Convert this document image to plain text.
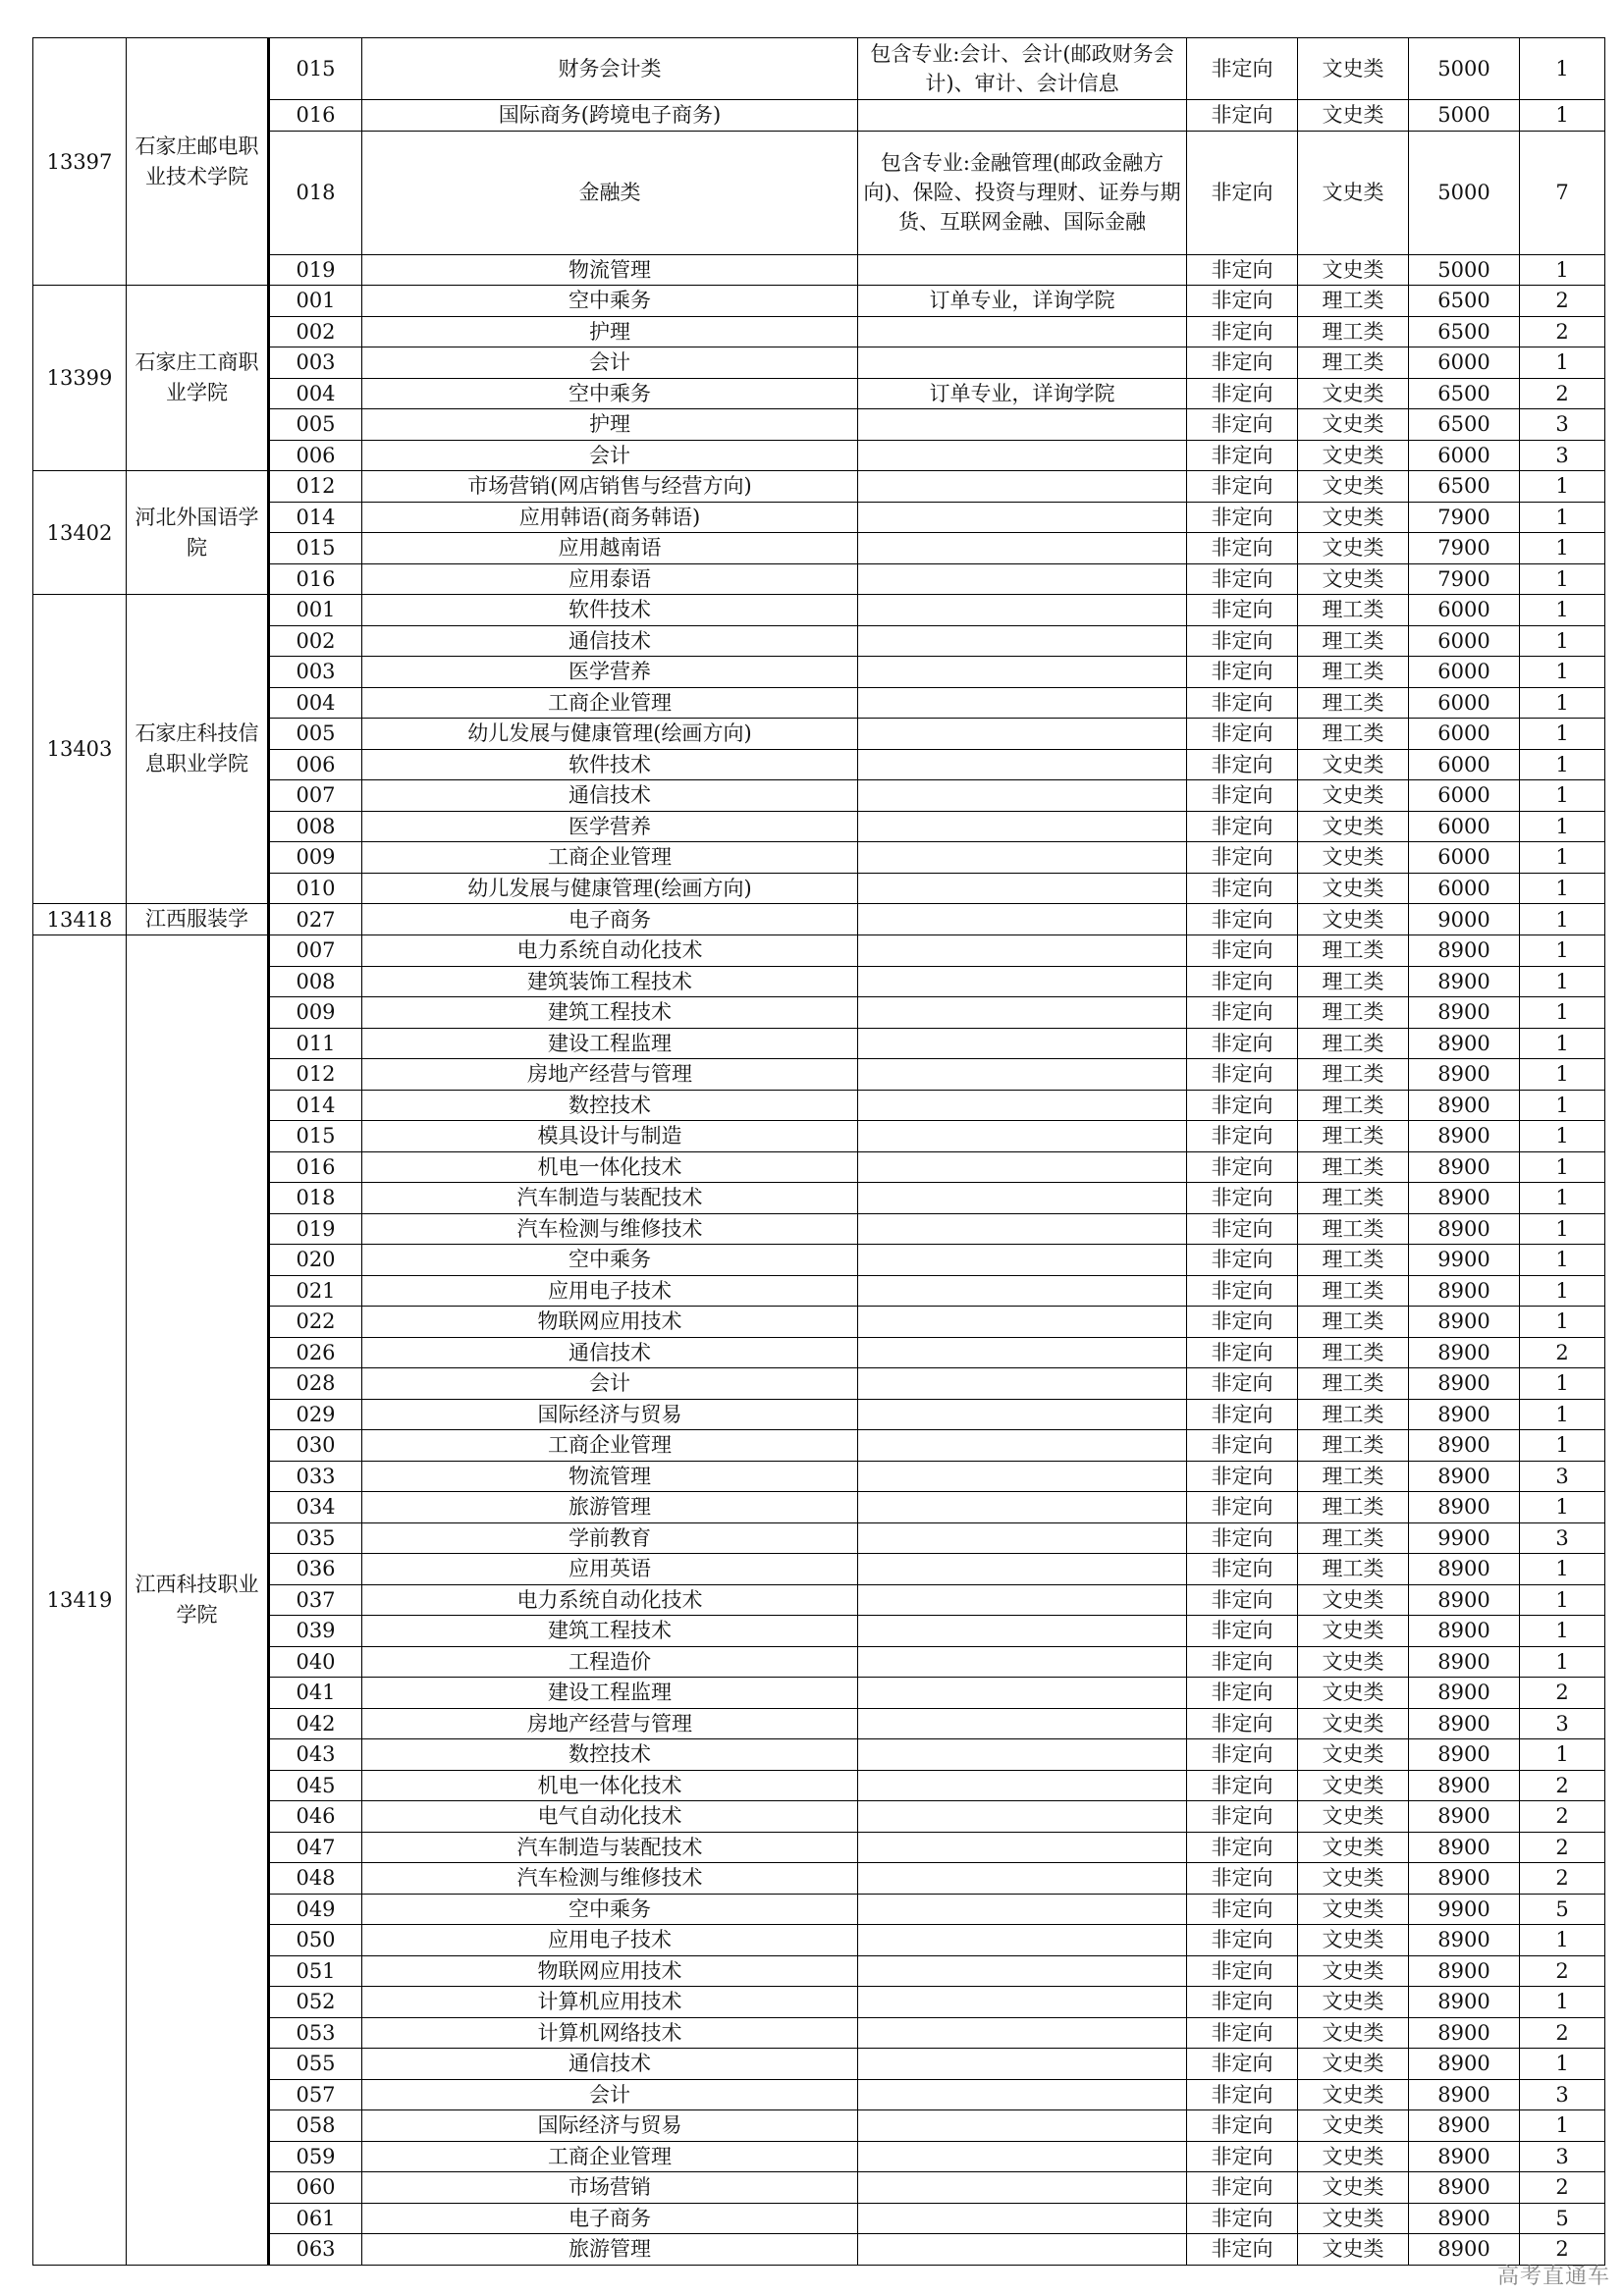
13397	石家庄邮电职业技术学院	015	财务会计类	包含专业:会计、会计(邮政财务会计)、审计、会计信息	非定向	文史类	5000	1
		016	国际商务(跨境电子商务)		非定向	文史类	5000	1
		018	金融类	包含专业:金融管理(邮政金融方向)、保险、投资与理财、证券与期货、互联网金融、国际金融	非定向	文史类	5000	7
		019	物流管理		非定向	文史类	5000	1
13399	石家庄工商职业学院	001	空中乘务	订单专业，详询学院	非定向	理工类	6500	2
		002	护理		非定向	理工类	6500	2
		003	会计		非定向	理工类	6000	1
		004	空中乘务	订单专业，详询学院	非定向	文史类	6500	2
		005	护理		非定向	文史类	6500	3
		006	会计		非定向	文史类	6000	3
13402	河北外国语学院	012	市场营销(网店销售与经营方向)		非定向	文史类	6500	1
		014	应用韩语(商务韩语)		非定向	文史类	7900	1
		015	应用越南语		非定向	文史类	7900	1
		016	应用泰语		非定向	文史类	7900	1
13403	石家庄科技信息职业学院	001	软件技术		非定向	理工类	6000	1
		002	通信技术		非定向	理工类	6000	1
		003	医学营养		非定向	理工类	6000	1
		004	工商企业管理		非定向	理工类	6000	1
		005	幼儿发展与健康管理(绘画方向)		非定向	理工类	6000	1
		006	软件技术		非定向	文史类	6000	1
		007	通信技术		非定向	文史类	6000	1
		008	医学营养		非定向	文史类	6000	1
		009	工商企业管理		非定向	文史类	6000	1
		010	幼儿发展与健康管理(绘画方向)		非定向	文史类	6000	1
13418	江西服装学	027	电子商务		非定向	文史类	9000	1
13419	江西科技职业学院	007	电力系统自动化技术		非定向	理工类	8900	1
		008	建筑装饰工程技术		非定向	理工类	8900	1
		009	建筑工程技术		非定向	理工类	8900	1
		011	建设工程监理		非定向	理工类	8900	1
		012	房地产经营与管理		非定向	理工类	8900	1
		014	数控技术		非定向	理工类	8900	1
		015	模具设计与制造		非定向	理工类	8900	1
		016	机电一体化技术		非定向	理工类	8900	1
		018	汽车制造与装配技术		非定向	理工类	8900	1
		019	汽车检测与维修技术		非定向	理工类	8900	1
		020	空中乘务		非定向	理工类	9900	1
		021	应用电子技术		非定向	理工类	8900	1
		022	物联网应用技术		非定向	理工类	8900	1
		026	通信技术		非定向	理工类	8900	2
		028	会计		非定向	理工类	8900	1
		029	国际经济与贸易		非定向	理工类	8900	1
		030	工商企业管理		非定向	理工类	8900	1
		033	物流管理		非定向	理工类	8900	3
		034	旅游管理		非定向	理工类	8900	1
		035	学前教育		非定向	理工类	9900	3
		036	应用英语		非定向	理工类	8900	1
		037	电力系统自动化技术		非定向	文史类	8900	1
		039	建筑工程技术		非定向	文史类	8900	1
		040	工程造价		非定向	文史类	8900	1
		041	建设工程监理		非定向	文史类	8900	2
		042	房地产经营与管理		非定向	文史类	8900	3
		043	数控技术		非定向	文史类	8900	1
		045	机电一体化技术		非定向	文史类	8900	2
		046	电气自动化技术		非定向	文史类	8900	2
		047	汽车制造与装配技术		非定向	文史类	8900	2
		048	汽车检测与维修技术		非定向	文史类	8900	2
		049	空中乘务		非定向	文史类	9900	5
		050	应用电子技术		非定向	文史类	8900	1
		051	物联网应用技术		非定向	文史类	8900	2
		052	计算机应用技术		非定向	文史类	8900	1
		053	计算机网络技术		非定向	文史类	8900	2
		055	通信技术		非定向	文史类	8900	1
		057	会计		非定向	文史类	8900	3
		058	国际经济与贸易		非定向	文史类	8900	1
		059	工商企业管理		非定向	文史类	8900	3
		060	市场营销		非定向	文史类	8900	2
		061	电子商务		非定向	文史类	8900	5
		063	旅游管理		非定向	文史类	8900	2
高考直通车
